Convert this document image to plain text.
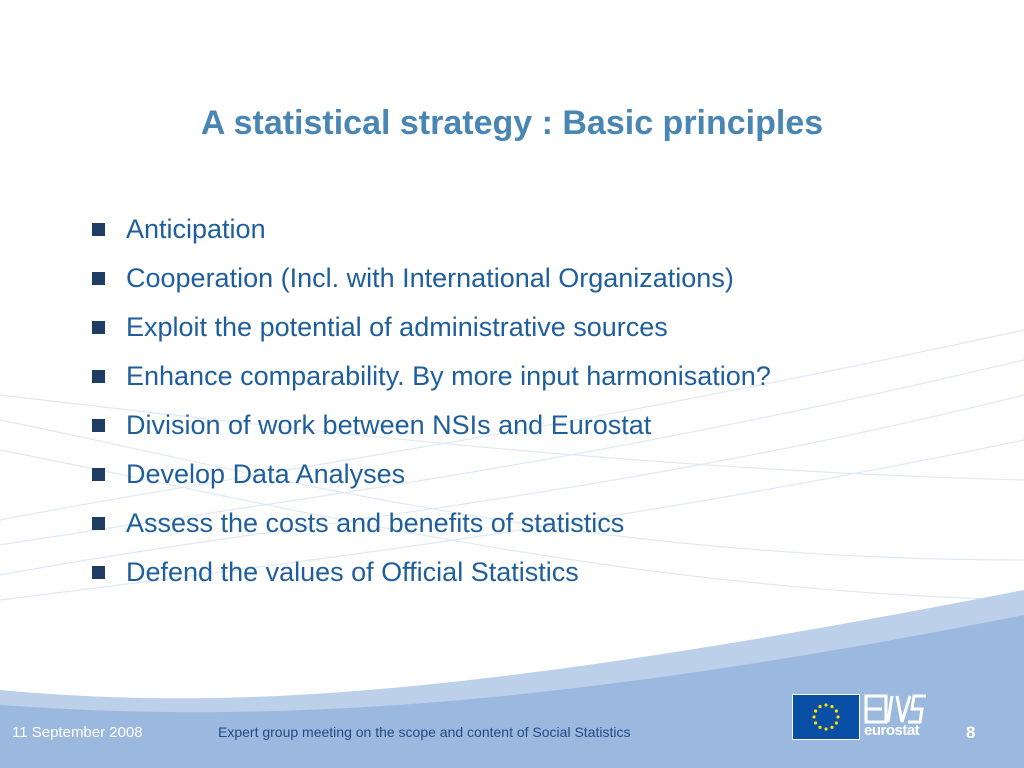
A statistical strategy : Basic principles
Anticipation
Cooperation (Incl. with International Organizations)
Exploit the potential of administrative sources
Enhance comparability. By more input harmonisation?
Division of work between NSIs and Eurostat
Develop Data Analyses
Assess the costs and benefits of statistics
Defend the values of Official Statistics
11 September 2008	Expert group meeting on the scope and content of Social Statistics	eurostat	8
